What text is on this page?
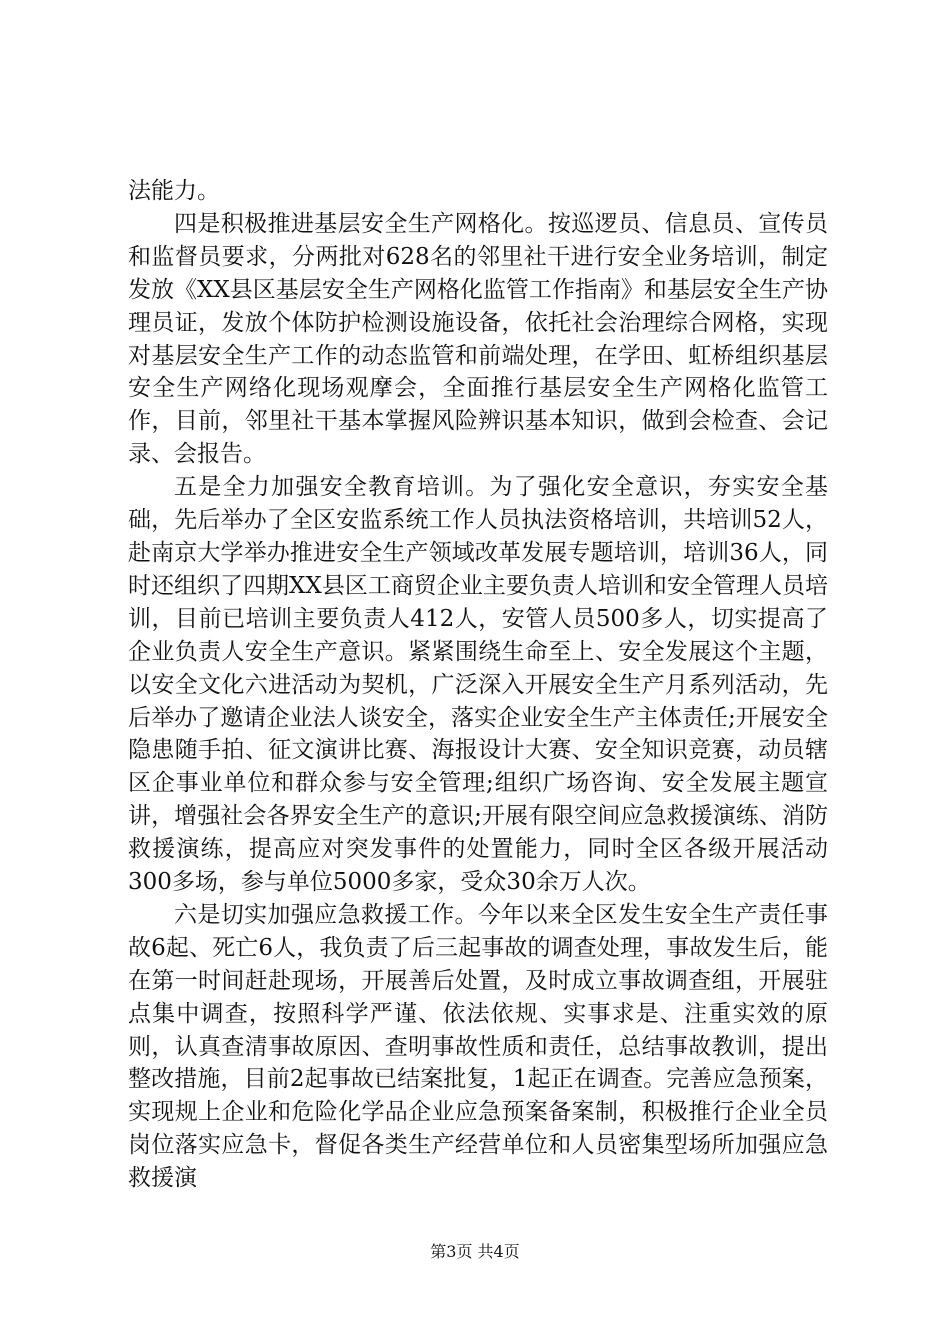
法能力。

四是积极推进基层安全生产网格化。按巡逻员、信息员、宣传员和监督员要求，分两批对628名的邻里社干进行安全业务培训，制定发放《XX县区基层安全生产网格化监管工作指南》和基层安全生产协理员证，发放个体防护检测设施设备，依托社会治理综合网格，实现对基层安全生产工作的动态监管和前端处理，在学田、虹桥组织基层安全生产网络化现场观摩会，全面推行基层安全生产网格化监管工作，目前，邻里社干基本掌握风险辨识基本知识，做到会检查、会记录、会报告。

五是全力加强安全教育培训。为了强化安全意识，夯实安全基础，先后举办了全区安监系统工作人员执法资格培训，共培训52人，赴南京大学举办推进安全生产领域改革发展专题培训，培训36人，同时还组织了四期XX县区工商贸企业主要负责人培训和安全管理人员培训，目前已培训主要负责人412人，安管人员500多人，切实提高了企业负责人安全生产意识。紧紧围绕生命至上、安全发展这个主题，以安全文化六进活动为契机，广泛深入开展安全生产月系列活动，先后举办了邀请企业法人谈安全，落实企业安全生产主体责任;开展安全隐患随手拍、征文演讲比赛、海报设计大赛、安全知识竞赛，动员辖区企事业单位和群众参与安全管理;组织广场咨询、安全发展主题宣讲，增强社会各界安全生产的意识;开展有限空间应急救援演练、消防救援演练，提高应对突发事件的处置能力，同时全区各级开展活动300多场，参与单位5000多家，受众30余万人次。

六是切实加强应急救援工作。今年以来全区发生安全生产责任事故6起、死亡6人，我负责了后三起事故的调查处理，事故发生后，能在第一时间赶赴现场，开展善后处置，及时成立事故调查组，开展驻点集中调查，按照科学严谨、依法依规、实事求是、注重实效的原则，认真查清事故原因、查明事故性质和责任，总结事故教训，提出整改措施，目前2起事故已结案批复，1起正在调查。完善应急预案，实现规上企业和危险化学品企业应急预案备案制，积极推行企业全员岗位落实应急卡，督促各类生产经营单位和人员密集型场所加强应急救援演

第3页 共4页
